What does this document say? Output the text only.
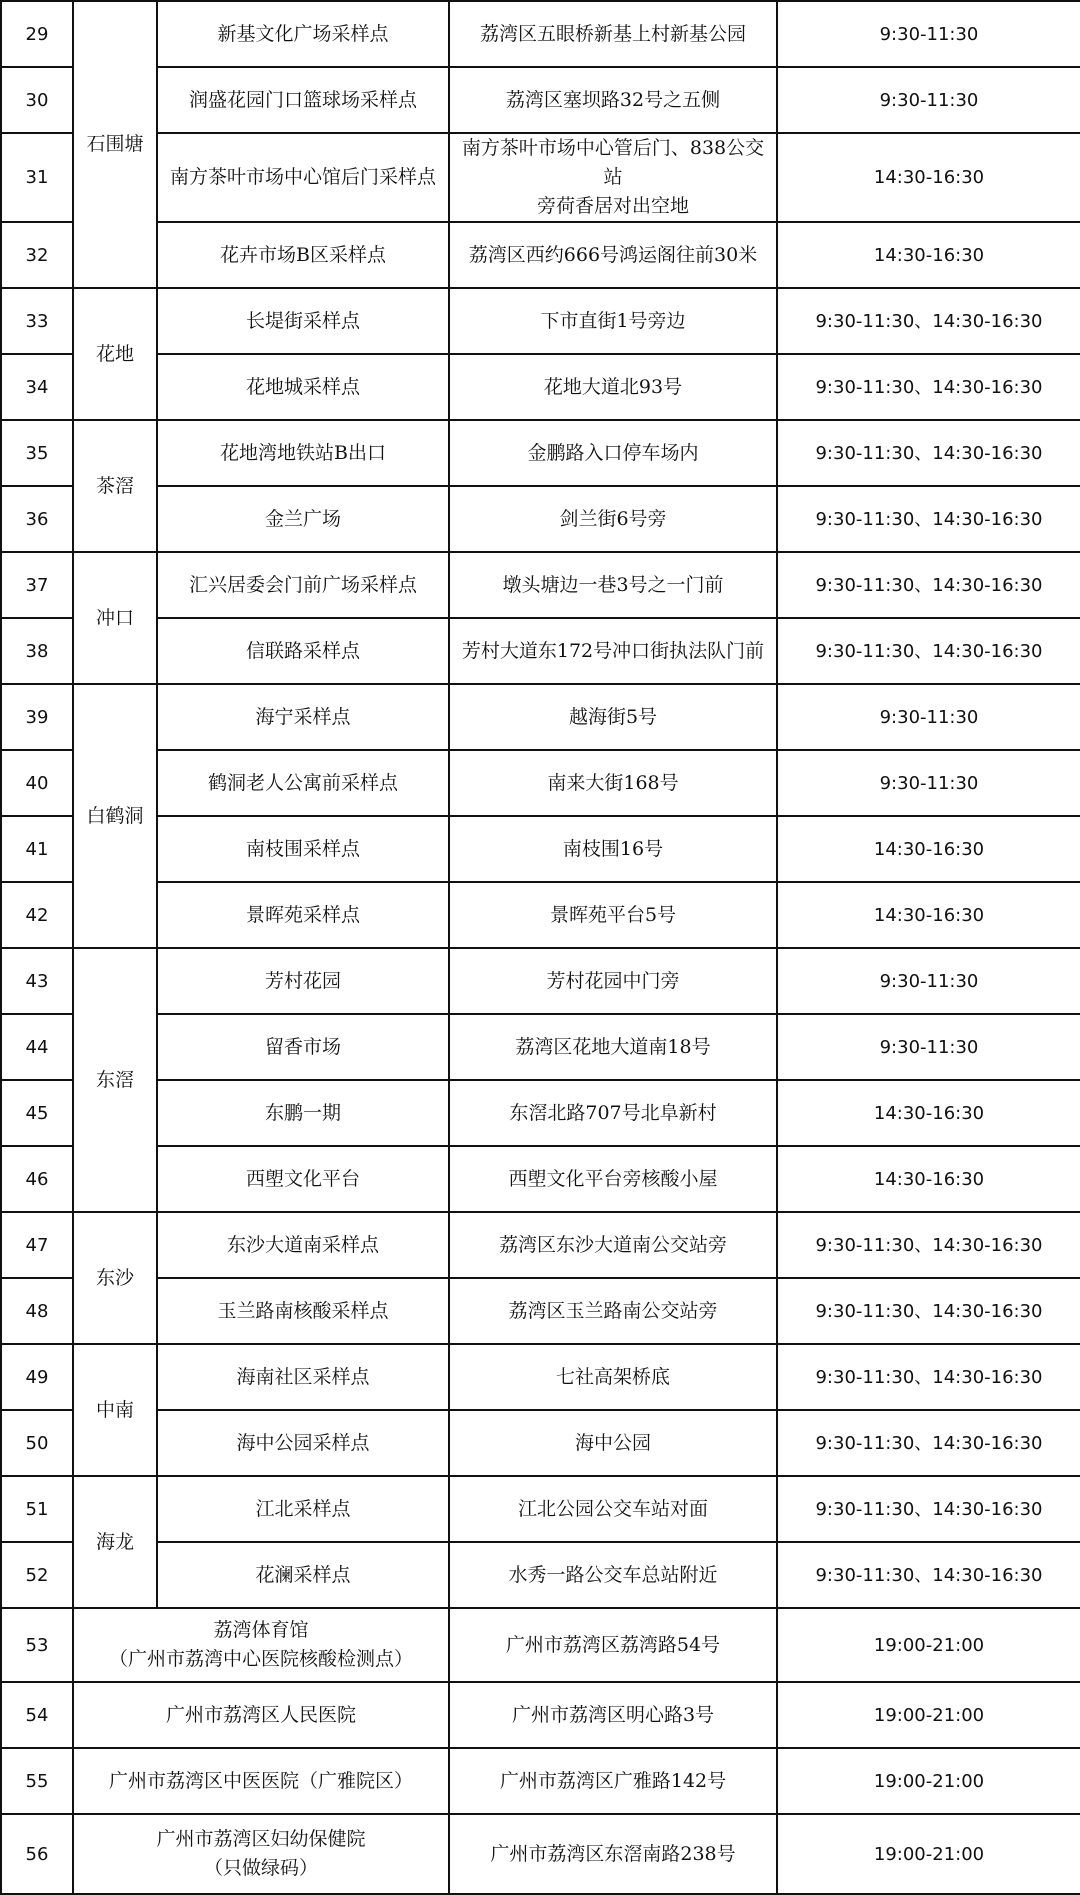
29	石围塘	新基文化广场采样点	荔湾区五眼桥新基上村新基公园	9:30-11:30
30		润盛花园门口篮球场采样点	荔湾区塞坝路32号之五侧	9:30-11:30
31		南方茶叶市场中心馆后门采样点	南方茶叶市场中心管后门、838公交站
旁荷香居对出空地	14:30-16:30
32		花卉市场B区采样点	荔湾区西约666号鸿运阁往前30米	14:30-16:30
33	花地	长堤街采样点	下市直街1号旁边	9:30-11:30、14:30-16:30
34		花地城采样点	花地大道北93号	9:30-11:30、14:30-16:30
35	茶滘	花地湾地铁站B出口	金鹏路入口停车场内	9:30-11:30、14:30-16:30
36		金兰广场	剑兰街6号旁	9:30-11:30、14:30-16:30
37	冲口	汇兴居委会门前广场采样点	墩头塘边一巷3号之一门前	9:30-11:30、14:30-16:30
38		信联路采样点	芳村大道东172号冲口街执法队门前	9:30-11:30、14:30-16:30
39	白鹤洞	海宁采样点	越海街5号	9:30-11:30
40		鹤洞老人公寓前采样点	南来大街168号	9:30-11:30
41		南枝围采样点	南枝围16号	14:30-16:30
42		景晖苑采样点	景晖苑平台5号	14:30-16:30
43	东滘	芳村花园	芳村花园中门旁	9:30-11:30
44		留香市场	荔湾区花地大道南18号	9:30-11:30
45		东鹏一期	东滘北路707号北阜新村	14:30-16:30
46		西塱文化平台	西塱文化平台旁核酸小屋	14:30-16:30
47	东沙	东沙大道南采样点	荔湾区东沙大道南公交站旁	9:30-11:30、14:30-16:30
48		玉兰路南核酸采样点	荔湾区玉兰路南公交站旁	9:30-11:30、14:30-16:30
49	中南	海南社区采样点	七社高架桥底	9:30-11:30、14:30-16:30
50		海中公园采样点	海中公园	9:30-11:30、14:30-16:30
51	海龙	江北采样点	江北公园公交车站对面	9:30-11:30、14:30-16:30
52		花澜采样点	水秀一路公交车总站附近	9:30-11:30、14:30-16:30
53	荔湾体育馆
（广州市荔湾中心医院核酸检测点）		广州市荔湾区荔湾路54号	19:00-21:00
54	广州市荔湾区人民医院		广州市荔湾区明心路3号	19:00-21:00
55	广州市荔湾区中医医院（广雅院区）		广州市荔湾区广雅路142号	19:00-21:00
56	广州市荔湾区妇幼保健院
（只做绿码）		广州市荔湾区东滘南路238号	19:00-21:00
